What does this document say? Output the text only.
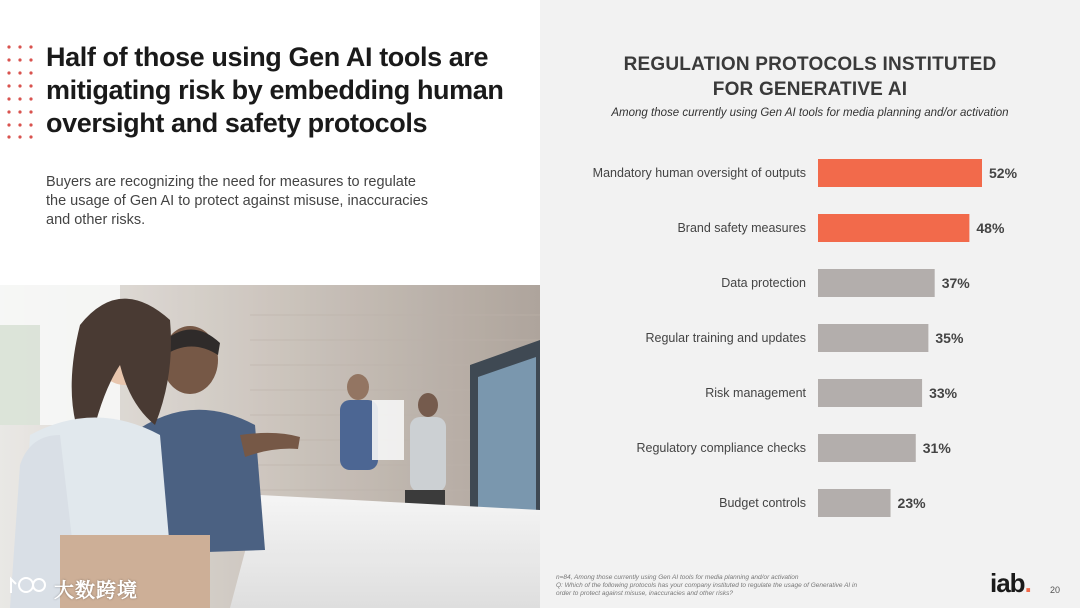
Half of those using Gen AI tools are
mitigating risk by embedding human
oversight and safety protocols

Buyers are recognizing the need for measures to regulate the usage of Gen AI to protect against misuse, inaccuracies and other risks.

大数跨境
REGULATION PROTOCOLS INSTITUTED
FOR GENERATIVE AI

Among those currently using Gen AI tools for media planning and/or activation

Mandatory human oversight of outputs	52%
Brand safety measures	48%
Data protection	37%
Regular training and updates	35%
Risk management	33%
Regulatory compliance checks	31%
Budget controls	23%
n=84, Among those currently using Gen AI tools for media planning and/or activation
Q: Which of the following protocols has your company instituted to regulate the usage of Generative AI in
order to protect against misuse, inaccuracies and other risks?	iab. 20
